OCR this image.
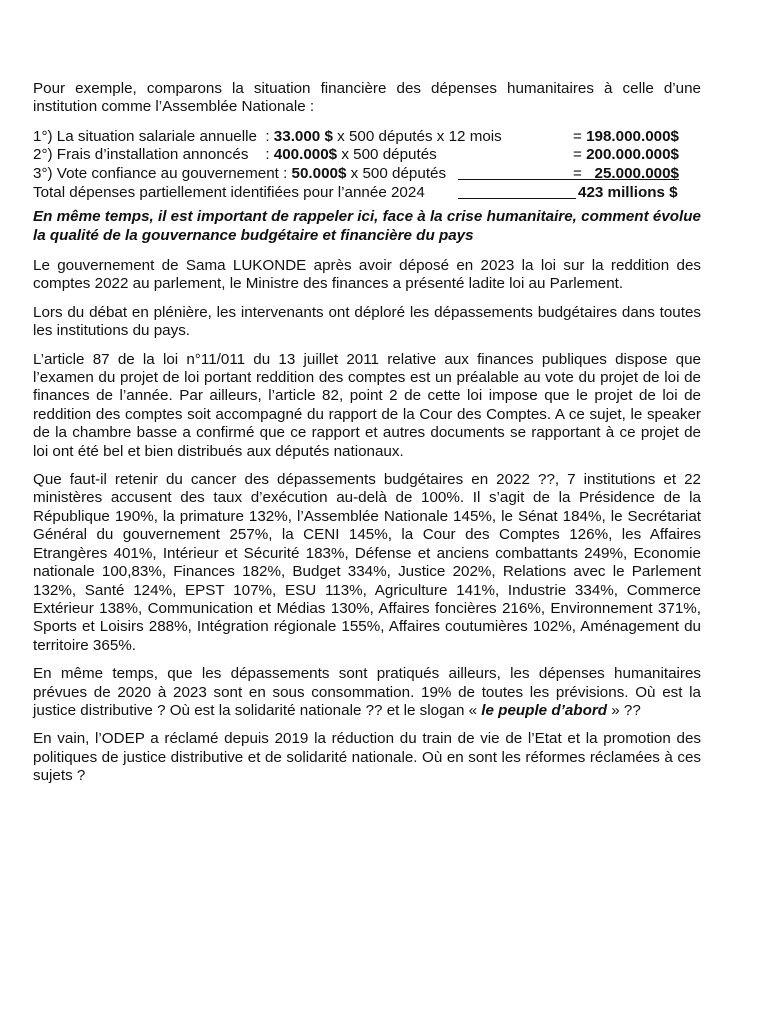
Pour exemple, comparons la situation financière des dépenses humanitaires à celle d’une institution comme l’Assemblée Nationale :

1°) La situation salariale annuelle  : 33.000 $ x 500 députés x 12 mois	= 198.000.000$
2°) Frais d’installation annoncés    : 400.000$ x 500 députés	= 200.000.000$
3°) Vote confiance au gouvernement : 50.000$ x 500 députés	=   25.000.000$
Total dépenses partiellement identifiées pour l’année 2024	423 millions $

En même temps, il est important de rappeler ici, face à la crise humanitaire, comment évolue la qualité de la gouvernance budgétaire et financière du pays

Le gouvernement de Sama LUKONDE après avoir déposé en 2023 la loi sur la reddition des comptes 2022 au parlement, le Ministre des finances a présenté ladite loi au Parlement.

Lors du débat en plénière, les intervenants ont déploré les dépassements budgétaires dans toutes les institutions du pays.

L’article 87 de la loi n°11/011 du 13 juillet 2011 relative aux finances publiques dispose que l’examen du projet de loi portant reddition des comptes est un préalable au vote du projet de loi de finances de l’année. Par ailleurs, l’article 82, point 2 de cette loi impose que le projet de loi de reddition des comptes soit accompagné du rapport de la Cour des Comptes. A ce sujet, le speaker de la chambre basse a confirmé que ce rapport et autres documents se rapportant à ce projet de loi ont été bel et bien distribués aux députés nationaux.

Que faut-il retenir du cancer des dépassements budgétaires en 2022 ??, 7 institutions et 22 ministères accusent des taux d’exécution au-delà de 100%. Il s’agit de la Présidence de la République 190%, la primature 132%, l’Assemblée Nationale 145%, le Sénat 184%, le Secrétariat Général du gouvernement 257%, la CENI 145%, la Cour des Comptes 126%, les Affaires Etrangères 401%, Intérieur et Sécurité 183%, Défense et anciens combattants 249%, Economie nationale 100,83%, Finances 182%, Budget 334%, Justice 202%, Relations avec le Parlement 132%, Santé 124%, EPST 107%, ESU 113%, Agriculture 141%, Industrie 334%, Commerce Extérieur 138%, Communication et Médias 130%, Affaires foncières 216%, Environnement 371%, Sports et Loisirs 288%, Intégration régionale 155%, Affaires coutumières 102%, Aménagement du territoire 365%.

En même temps, que les dépassements sont pratiqués ailleurs, les dépenses humanitaires prévues de 2020 à 2023 sont en sous consommation. 19% de toutes les prévisions. Où est la justice distributive ? Où est la solidarité nationale ?? et le slogan « le peuple d’abord » ??

En vain, l’ODEP a réclamé depuis 2019 la réduction du train de vie de l’Etat et la promotion des politiques de justice distributive et de solidarité nationale. Où en sont les réformes réclamées à ces sujets ?
